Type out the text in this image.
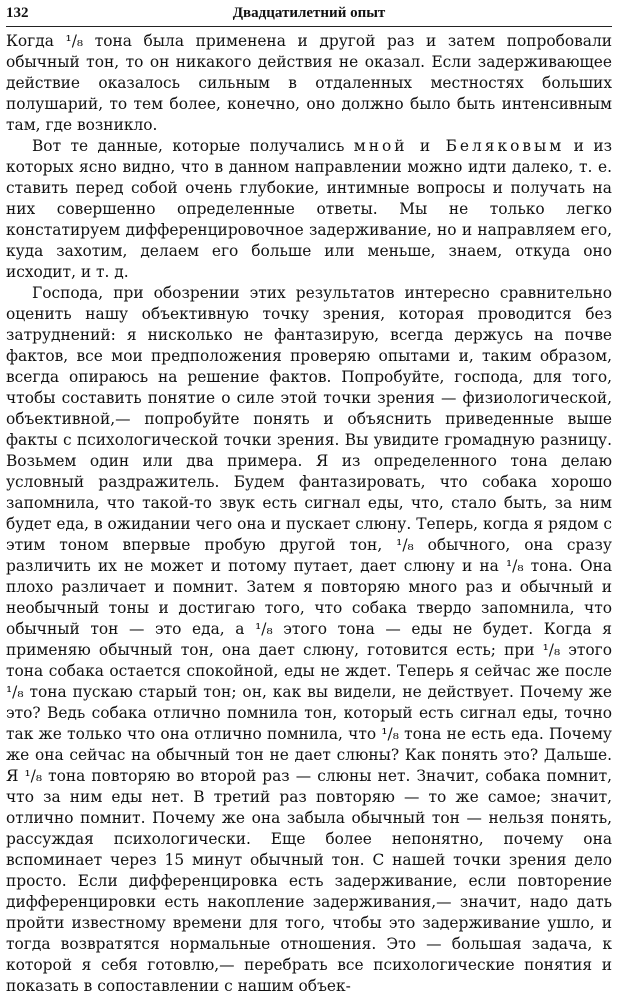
132	Двадцатилетний опыт

Когда ¹/₈ тона была применена и другой раз и затем попробовали обычный тон, то он никакого действия не оказал. Если задерживающее действие оказалось сильным в отдаленных местностях больших полушарий, то тем более, конечно, оно должно было быть интенсивным там, где возникло.

Вот те данные, которые получались мной и Беляковым и из которых ясно видно, что в данном направлении можно идти далеко, т. е. ставить перед собой очень глубокие, интимные вопросы и получать на них совершенно определенные ответы. Мы не только легко констатируем дифференцировочное задерживание, но и направляем его, куда захотим, делаем его больше или меньше, знаем, откуда оно исходит, и т. д.

Господа, при обозрении этих результатов интересно сравнительно оценить нашу объективную точку зрения, которая проводится без затруднений: я нисколько не фантазирую, всегда держусь на почве фактов, все мои предположения проверяю опытами и, таким образом, всегда опираюсь на решение фактов. Попробуйте, господа, для того, чтобы составить понятие о силе этой точки зрения — физиологической, объективной,— попробуйте понять и объяснить приведенные выше факты с психологической точки зрения. Вы увидите громадную разницу. Возьмем один или два примера. Я из определенного тона делаю условный раздражитель. Будем фантазировать, что собака хорошо запомнила, что такой-то звук есть сигнал еды, что, стало быть, за ним будет еда, в ожидании чего она и пускает слюну. Теперь, когда я рядом с этим тоном впервые пробую другой тон, ¹/₈ обычного, она сразу различить их не может и потому путает, дает слюну и на ¹/₈ тона. Она плохо различает и помнит. Затем я повторяю много раз и обычный и необычный тоны и достигаю того, что собака твердо запомнила, что обычный тон — это еда, а ¹/₈ этого тона — еды не будет. Когда я применяю обычный тон, она дает слюну, готовится есть; при ¹/₈ этого тона собака остается спокойной, еды не ждет. Теперь я сейчас же после ¹/₈ тона пускаю старый тон; он, как вы видели, не действует. Почему же это? Ведь собака отлично помнила тон, который есть сигнал еды, точно так же только что она отлично помнила, что ¹/₈ тона не есть еда. Почему же она сейчас на обычный тон не дает слюны? Как понять это? Дальше. Я ¹/₈ тона повторяю во второй раз — слюны нет. Значит, собака помнит, что за ним еды нет. В третий раз повторяю — то же самое; значит, отлично помнит. Почему же она забыла обычный тон — нельзя понять, рассуждая психологически. Еще более непонятно, почему она вспоминает через 15 минут обычный тон. С нашей точки зрения дело просто. Если дифференцировка есть задерживание, если повторение дифференцировки есть накопление задерживания,— значит, надо дать пройти известному времени для того, чтобы это задерживание ушло, и тогда возвратятся нормальные отношения. Это — большая задача, к которой я себя готовлю,— перебрать все психологические понятия и показать в сопоставлении с нашим объек-
